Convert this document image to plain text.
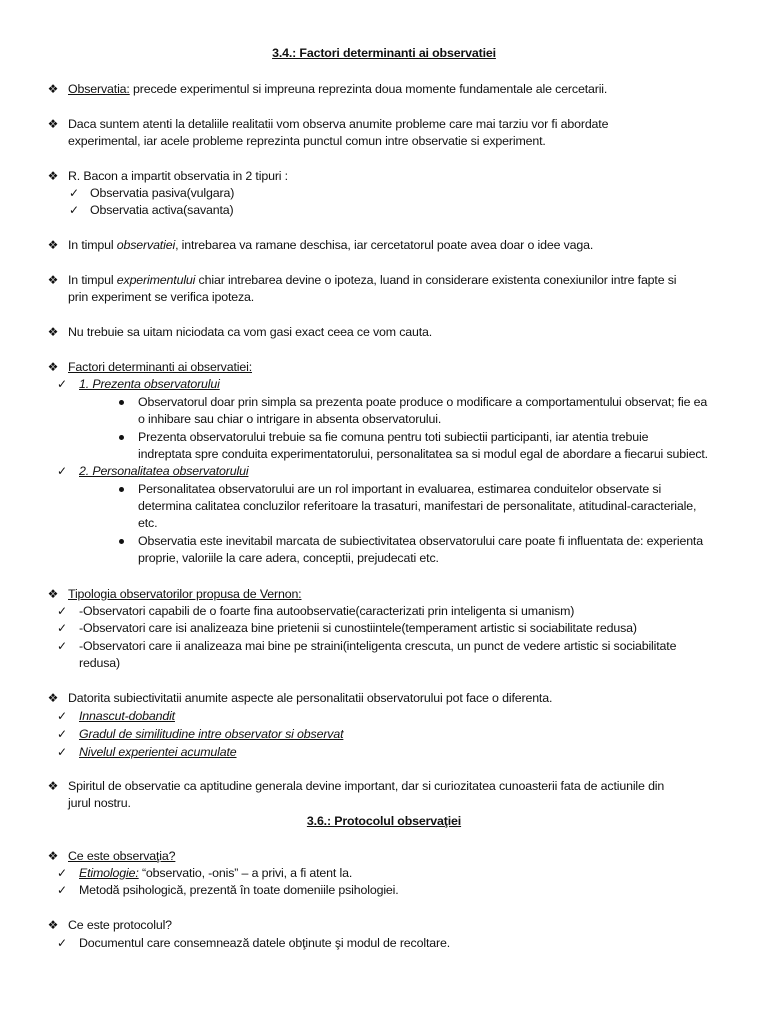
3.4.: Factori determinanti ai observatiei
❖ Observatia: precede experimentul si impreuna reprezinta doua momente fundamentale ale cercetarii.
❖ Daca suntem atenti la detaliile realitatii vom observa anumite probleme care mai tarziu vor fi abordate
experimental, iar acele probleme reprezinta punctul comun intre observatie si experiment.
❖ R. Bacon a impartit observatia in 2 tipuri :
✓ Observatia pasiva(vulgara)
✓ Observatia activa(savanta)
❖ In timpul observatiei, intrebarea va ramane deschisa, iar cercetatorul poate avea doar o idee vaga.
❖ In timpul experimentului chiar intrebarea devine o ipoteza, luand in considerare existenta conexiunilor intre fapte si
prin experiment se verifica ipoteza.
❖ Nu trebuie sa uitam niciodata ca vom gasi exact ceea ce vom cauta.
❖ Factori determinanti ai observatiei:
✓ 1. Prezenta observatorului
Observatorul doar prin simpla sa prezenta poate produce o modificare a comportamentului observat; fie ea
o inhibare sau chiar o intrigare in absenta observatorului.
Prezenta observatorului trebuie sa fie comuna pentru toti subiectii participanti, iar atentia trebuie
indreptata spre conduita experimentatorului, personalitatea sa si modul egal de abordare a fiecarui subiect.
✓ 2. Personalitatea observatorului
Personalitatea observatorului are un rol important in evaluarea, estimarea conduitelor observate si
determina calitatea concluzilor referitoare la trasaturi, manifestari de personalitate, atitudinal-caracteriale,
etc.
Observatia este inevitabil marcata de subiectivitatea observatorului care poate fi influentata de: experienta
proprie, valoriile la care adera, conceptii, prejudecati etc.
❖ Tipologia observatorilor propusa de Vernon:
✓ -Observatori capabili de o foarte fina autoobservatie(caracterizati prin inteligenta si umanism)
✓ -Observatori care isi analizeaza bine prietenii si cunostiintele(temperament artistic si sociabilitate redusa)
✓ -Observatori care ii analizeaza mai bine pe straini(inteligenta crescuta, un punct de vedere artistic si sociabilitate
redusa)
❖ Datorita subiectivitatii anumite aspecte ale personalitatii observatorului pot face o diferenta.
✓ Innascut-dobandit
✓ Gradul de similitudine intre observator si observat
✓ Nivelul experientei acumulate
❖ Spiritul de observatie ca aptitudine generala devine important, dar si curiozitatea cunoasterii fata de actiunile din
jurul nostru.
3.6.: Protocolul observaţiei
❖ Ce este observaţia?
✓ Etimologie: “observatio, -onis” – a privi, a fi atent la.
✓ Metodă psihologică, prezentă în toate domeniile psihologiei.
❖ Ce este protocolul?
✓ Documentul care consemnează datele obţinute şi modul de recoltare.
